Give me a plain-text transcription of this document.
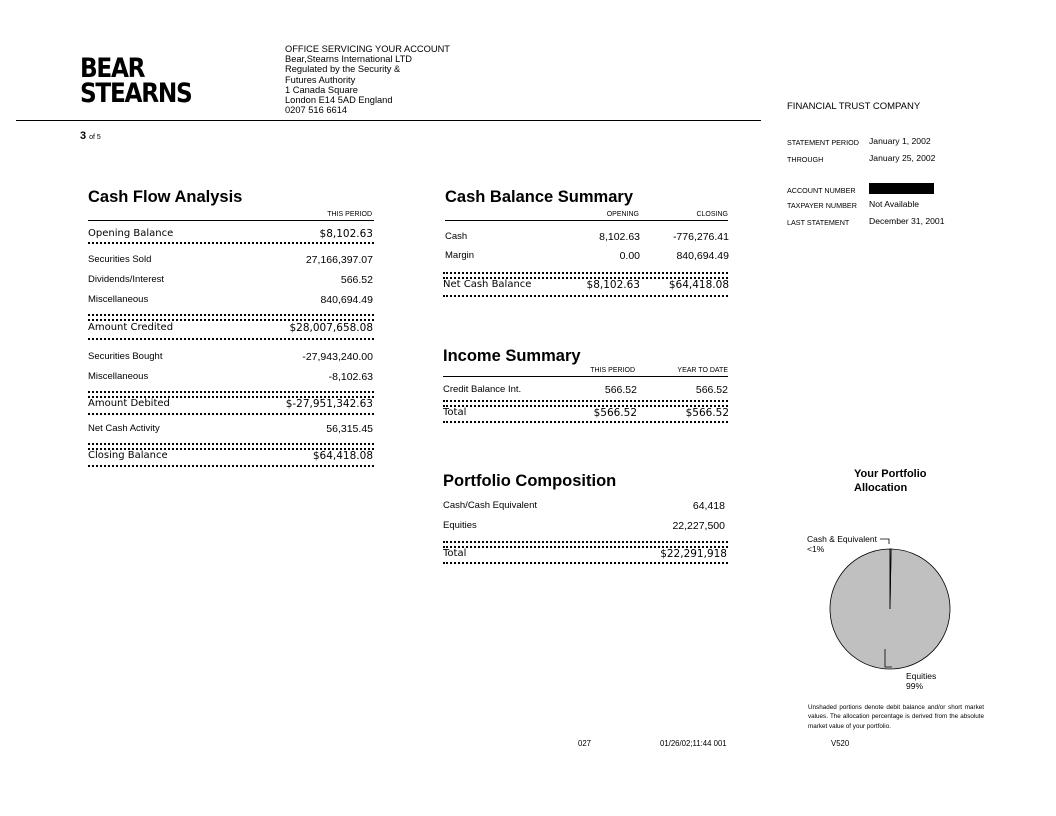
BEAR
STEARNS
OFFICE SERVICING YOUR ACCOUNT
Bear,Stearns International LTD
Regulated by the Security &
Futures Authority
1 Canada Square
London E14 5AD England
0207 516 6614
3 of 5
FINANCIAL TRUST COMPANY
STATEMENT PERIOD January 1, 2002
THROUGH	January 25, 2002
ACCOUNT NUMBER
TAXPAYER NUMBER Not Available
LAST STATEMENT December 31, 2001
Cash Flow Analysis
THIS PERIOD
Opening Balance	$8,102.63
Securities Sold	27,166,397.07
Dividends/Interest	566.52
Miscellaneous	840,694.49
Amount Credited	$28,007,658.08
Securities Bought	-27,943,240.00
Miscellaneous	-8,102.63
Amount Debited	$-27,951,342.63
Net Cash Activity	56,315.45
Closing Balance	$64,418.08
Cash Balance Summary
OPENING	CLOSING
Cash	8,102.63	-776,276.41
Margin	0.00	840,694.49
Net Cash Balance	$8,102.63	$64,418.08
Income Summary
THIS PERIOD	YEAR TO DATE
Credit Balance Int.	566.52	566.52
Total	$566.52	$566.52
Portfolio Composition
Cash/Cash Equivalent	64,418
Equities	22,227,500
Total	$22,291,918
Your Portfolio Allocation
Cash & Equivalent
<1%
Equities
99%
Unshaded portions denote debit balance and/or short market values. The allocation percentage is derived from the absolute market value of your portfolio.
027	01/26/02;11:44 001	V520
